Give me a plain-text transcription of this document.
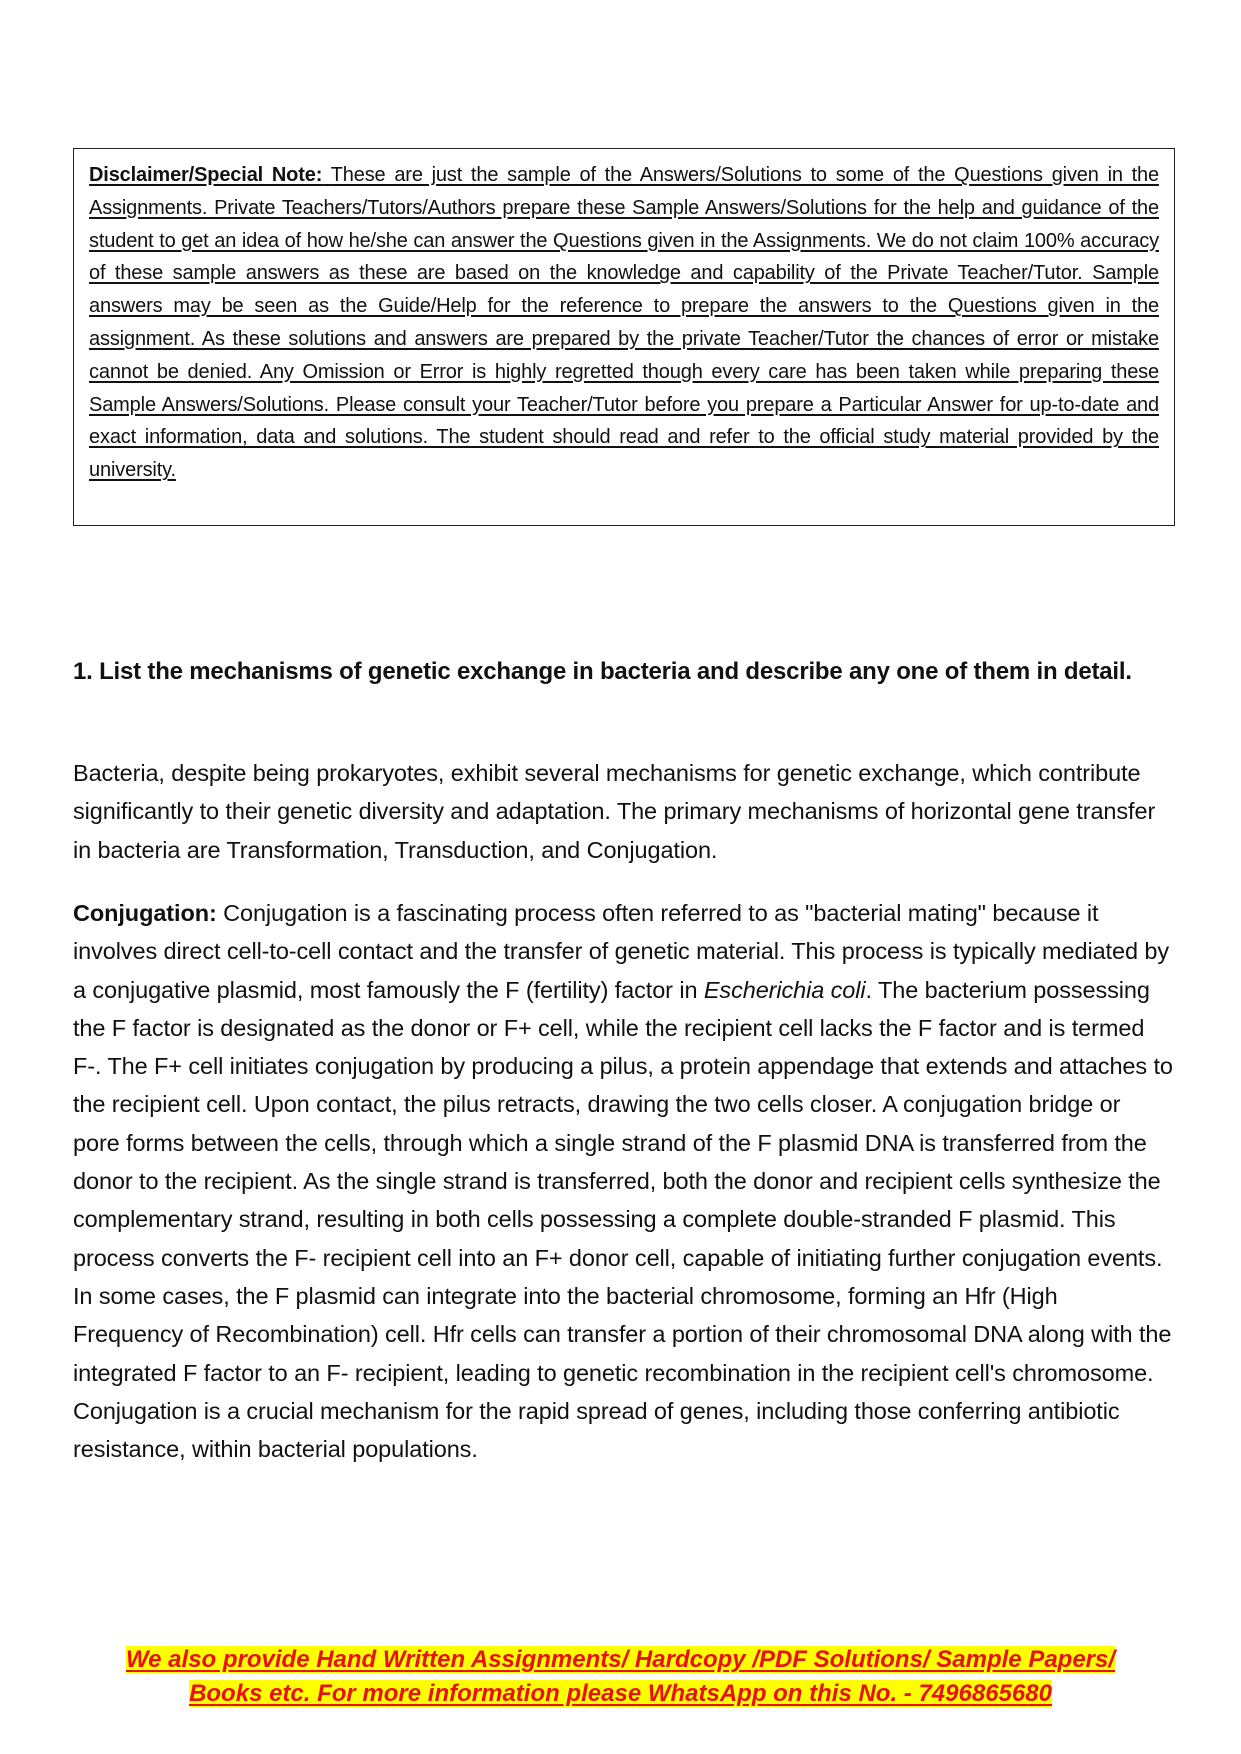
Disclaimer/Special Note: These are just the sample of the Answers/Solutions to some of the Questions given in the Assignments. Private Teachers/Tutors/Authors prepare these Sample Answers/Solutions for the help and guidance of the student to get an idea of how he/she can answer the Questions given in the Assignments. We do not claim 100% accuracy of these sample answers as these are based on the knowledge and capability of the Private Teacher/Tutor. Sample answers may be seen as the Guide/Help for the reference to prepare the answers to the Questions given in the assignment. As these solutions and answers are prepared by the private Teacher/Tutor the chances of error or mistake cannot be denied. Any Omission or Error is highly regretted though every care has been taken while preparing these Sample Answers/Solutions. Please consult your Teacher/Tutor before you prepare a Particular Answer for up-to-date and exact information, data and solutions. The student should read and refer to the official study material provided by the university.

1. List the mechanisms of genetic exchange in bacteria and describe any one of them in detail.

Bacteria, despite being prokaryotes, exhibit several mechanisms for genetic exchange, which contribute significantly to their genetic diversity and adaptation. The primary mechanisms of horizontal gene transfer in bacteria are Transformation, Transduction, and Conjugation.

Conjugation: Conjugation is a fascinating process often referred to as "bacterial mating" because it involves direct cell-to-cell contact and the transfer of genetic material. This process is typically mediated by a conjugative plasmid, most famously the F (fertility) factor in Escherichia coli. The bacterium possessing the F factor is designated as the donor or F+ cell, while the recipient cell lacks the F factor and is termed F-. The F+ cell initiates conjugation by producing a pilus, a protein appendage that extends and attaches to the recipient cell. Upon contact, the pilus retracts, drawing the two cells closer. A conjugation bridge or pore forms between the cells, through which a single strand of the F plasmid DNA is transferred from the donor to the recipient. As the single strand is transferred, both the donor and recipient cells synthesize the complementary strand, resulting in both cells possessing a complete double-stranded F plasmid. This process converts the F- recipient cell into an F+ donor cell, capable of initiating further conjugation events. In some cases, the F plasmid can integrate into the bacterial chromosome, forming an Hfr (High Frequency of Recombination) cell. Hfr cells can transfer a portion of their chromosomal DNA along with the integrated F factor to an F- recipient, leading to genetic recombination in the recipient cell's chromosome. Conjugation is a crucial mechanism for the rapid spread of genes, including those conferring antibiotic resistance, within bacterial populations.

We also provide Hand Written Assignments/ Hardcopy /PDF Solutions/ Sample Papers/
Books etc. For more information please WhatsApp on this No. - 7496865680
